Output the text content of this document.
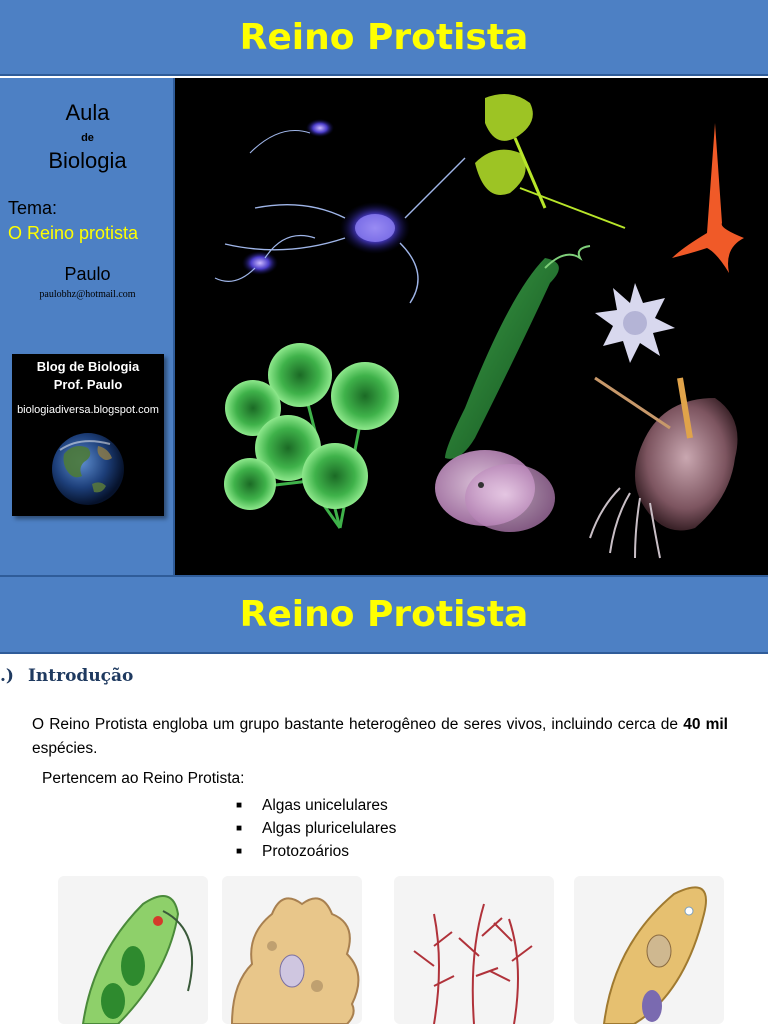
Reino Protista
Aula
de
Biologia
Tema:
O Reino protista
Paulo
paulobhz@hotmail.com
Blog de Biologia
Prof. Paulo
biologiadiversa.blogspot.com
Reino Protista
.) Introdução
O Reino Protista engloba um grupo bastante heterogêneo de seres vivos, incluindo cerca de 40 mil espécies.
Pertencem ao Reino Protista:
■ Algas unicelulares
■ Algas pluricelulares
■ Protozoários
